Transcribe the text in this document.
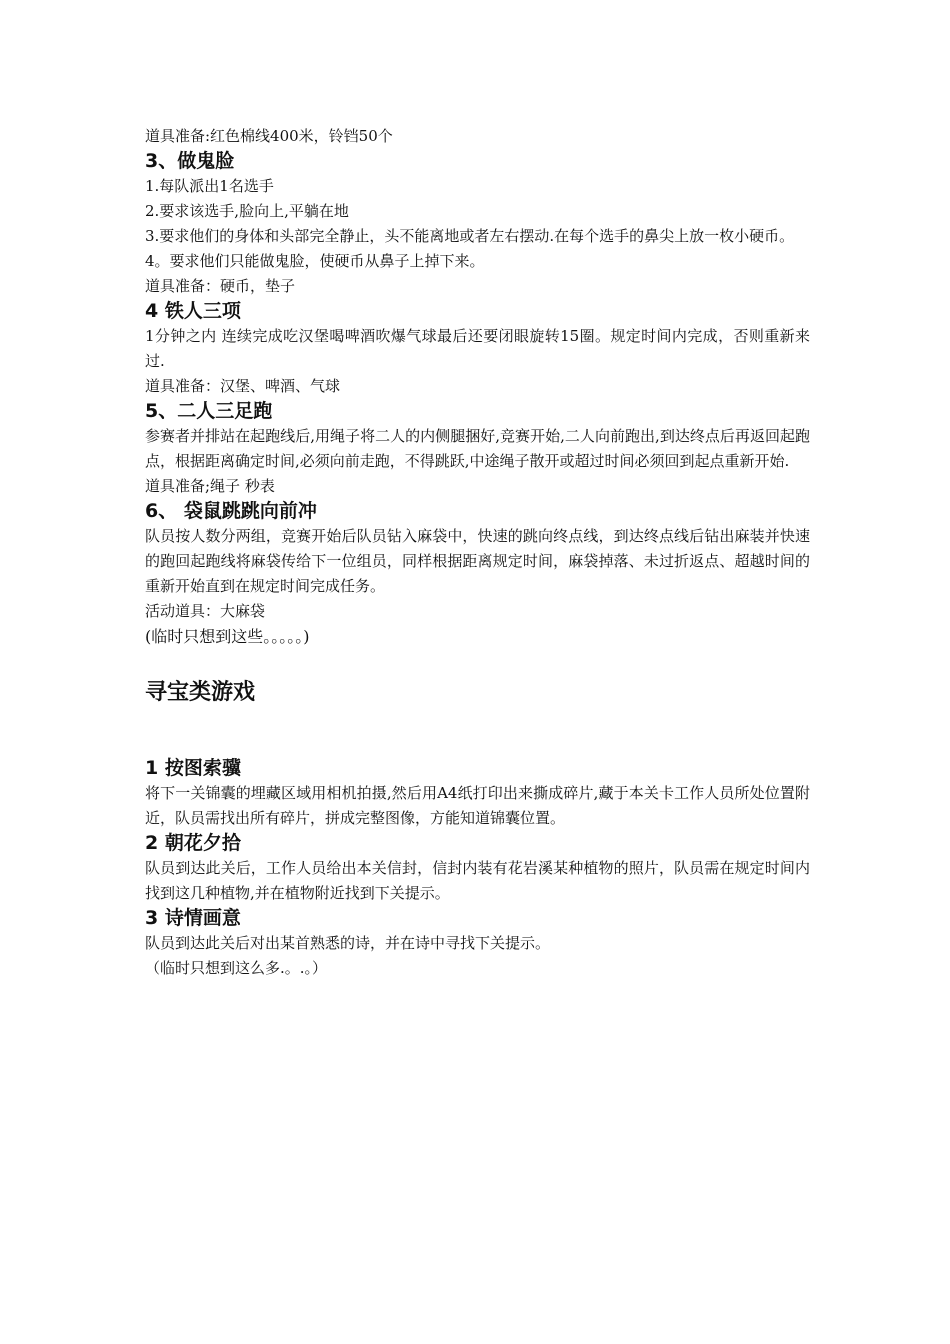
道具准备:红色棉线400米，铃铛50个

3、做鬼脸

1.每队派出1名选手

2.要求该选手,脸向上,平躺在地

3.要求他们的身体和头部完全静止，头不能离地或者左右摆动.在每个选手的鼻尖上放一枚小硬币。

4。要求他们只能做鬼脸，使硬币从鼻子上掉下来。

道具准备：硬币，垫子

4 铁人三项

1分钟之内 连续完成吃汉堡喝啤酒吹爆气球最后还要闭眼旋转15圈。规定时间内完成，否则重新来过.

道具准备：汉堡、啤酒、气球

5、二人三足跑

参赛者并排站在起跑线后,用绳子将二人的内侧腿捆好,竞赛开始,二人向前跑出,到达终点后再返回起跑点，根据距离确定时间,必须向前走跑，不得跳跃,中途绳子散开或超过时间必须回到起点重新开始.

道具准备;绳子 秒表

6、 袋鼠跳跳向前冲

队员按人数分两组，竞赛开始后队员钻入麻袋中，快速的跳向终点线，到达终点线后钻出麻装并快速的跑回起跑线将麻袋传给下一位组员，同样根据距离规定时间，麻袋掉落、未过折返点、超越时间的重新开始直到在规定时间完成任务。

活动道具：大麻袋

(临时只想到这些。。。。。)

寻宝类游戏
1 按图索骥

将下一关锦囊的埋藏区域用相机拍摄,然后用A4纸打印出来撕成碎片,藏于本关卡工作人员所处位置附近，队员需找出所有碎片，拼成完整图像，方能知道锦囊位置。

2 朝花夕拾

队员到达此关后，工作人员给出本关信封，信封内装有花岩溪某种植物的照片，队员需在规定时间内找到这几种植物,并在植物附近找到下关提示。

3 诗情画意

队员到达此关后对出某首熟悉的诗，并在诗中寻找下关提示。

（临时只想到这么多.。.。）
